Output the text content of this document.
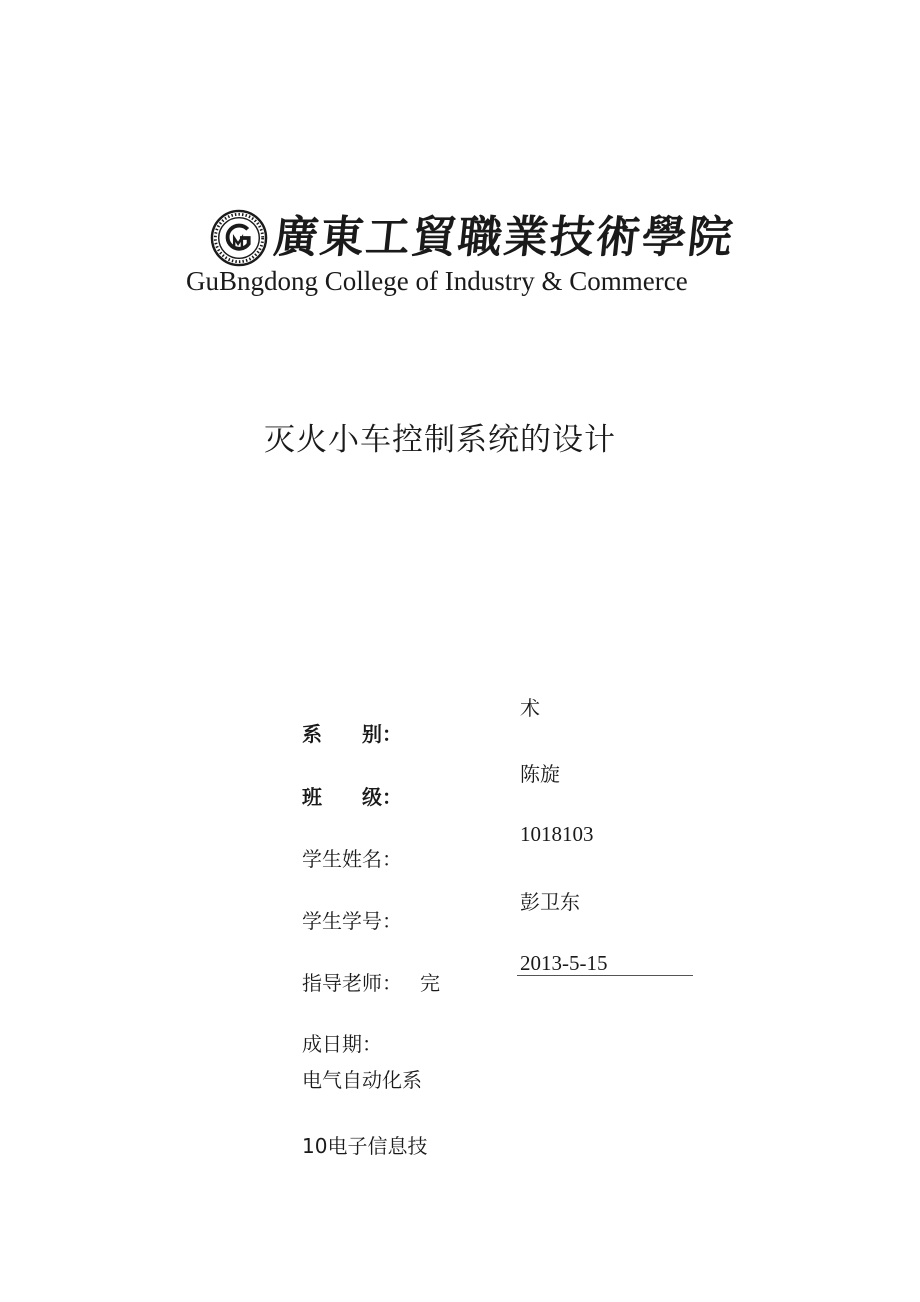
廣東工貿職業技術學院
GuBngdong College of Industry & Commerce
灭火小车控制系统的设计
术
陈旋
1018103
彭卫东
2013-5-15
系　　别：
班　　级：
学生姓名：
学生学号：
指导老师： 完
成日期：
电气自动化系
10电子信息技
